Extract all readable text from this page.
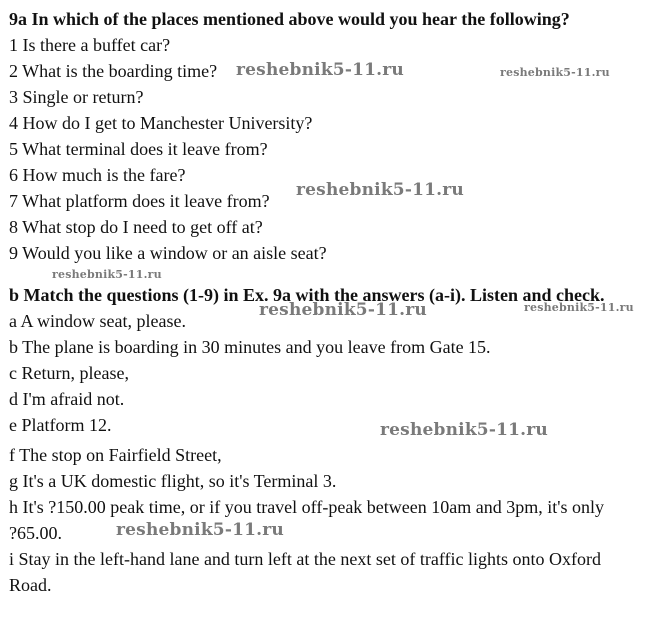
9a In which of the places mentioned above would you hear the following?
1 Is there a buffet car?
2 What is the boarding time?
3 Single or return?
4 How do I get to Manchester University?
5 What terminal does it leave from?
6 How much is the fare?
7 What platform does it leave from?
8 What stop do I need to get off at?
9 Would you like a window or an aisle seat?
b Match the questions (1-9) in Ex. 9a with the answers (a-i). Listen and check.
a A window seat, please.
b The plane is boarding in 30 minutes and you leave from Gate 15.
c Return, please,
d I'm afraid not.
e Platform 12.
f The stop on Fairfield Street,
g It's a UK domestic flight, so it's Terminal 3.
h It's ?150.00 peak time, or if you travel off-peak between 10am and 3pm, it's only
?65.00.
i Stay in the left-hand lane and turn left at the next set of traffic lights onto Oxford
Road.
reshebnik5-11.ru	reshebnik5-11.ru
reshebnik5-11.ru
reshebnik5-11.ru
reshebnik5-11.ru	reshebnik5-11.ru
reshebnik5-11.ru
reshebnik5-11.ru
